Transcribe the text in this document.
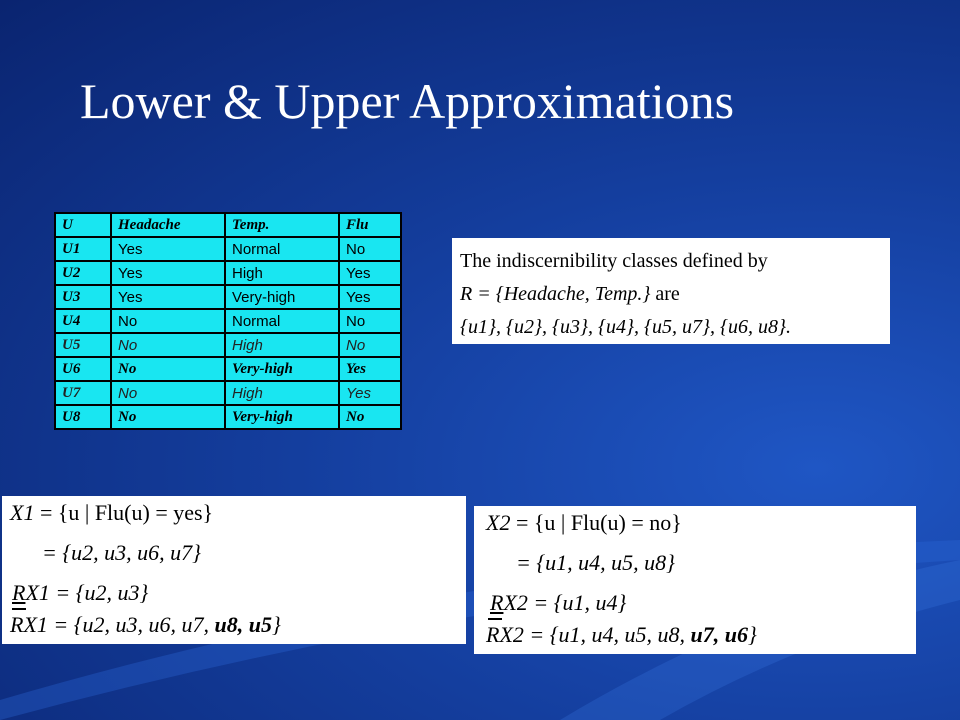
Lower & Upper Approximations
U	Headache	Temp.	Flu
U1	Yes	Normal	No
U2	Yes	High	Yes
U3	Yes	Very-high	Yes
U4	No	Normal	No
U5	No	High	No
U6	No	Very-high	Yes
U7	No	High	Yes
U8	No	Very-high	No
The indiscernibility classes defined by
R = {Headache, Temp.} are
{u1}, {u2}, {u3}, {u4}, {u5, u7}, {u6, u8}.
X1 = {u | Flu(u) = yes}
= {u2, u3, u6, u7}
RX1 = {u2, u3}
RX1 = {u2, u3, u6, u7, u8, u5}
X2 = {u | Flu(u) = no}
= {u1, u4, u5, u8}
RX2 = {u1, u4}
RX2 = {u1, u4, u5, u8, u7, u6}
